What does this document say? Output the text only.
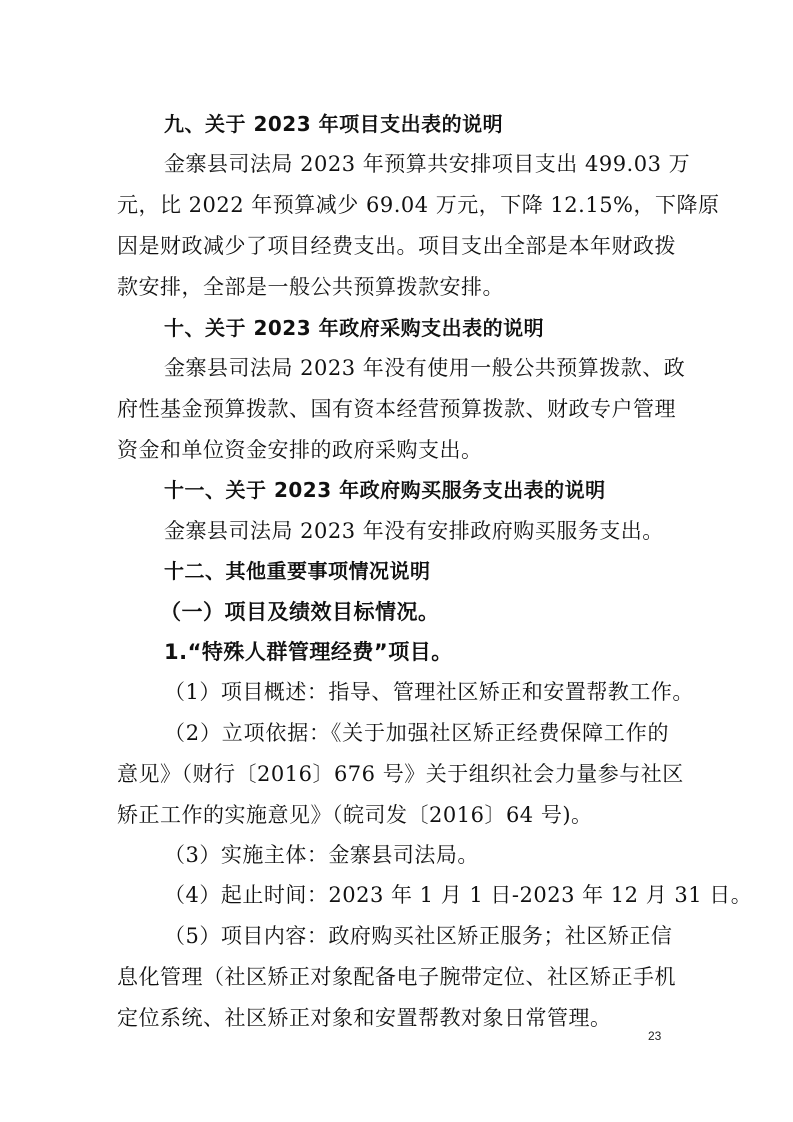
九、关于 2023 年项目支出表的说明
金寨县司法局 2023 年预算共安排项目支出 499.03 万
元，比 2022 年预算减少 69.04 万元，下降 12.15%，下降原
因是财政减少了项目经费支出。项目支出全部是本年财政拨
款安排，全部是一般公共预算拨款安排。
十、关于 2023 年政府采购支出表的说明
金寨县司法局 2023 年没有使用一般公共预算拨款、政
府性基金预算拨款、国有资本经营预算拨款、财政专户管理
资金和单位资金安排的政府采购支出。
十一、关于 2023 年政府购买服务支出表的说明
金寨县司法局 2023 年没有安排政府购买服务支出。
十二、其他重要事项情况说明
（一）项目及绩效目标情况。
1.“特殊人群管理经费”项目。
（1）项目概述：指导、管理社区矫正和安置帮教工作。
（2）立项依据：《关于加强社区矫正经费保障工作的
意见》（财行〔2016〕676 号》关于组织社会力量参与社区
矫正工作的实施意见》（皖司发〔2016〕64 号)。
（3）实施主体：金寨县司法局。
（4）起止时间：2023 年 1 月 1 日-2023 年 12 月 31 日。
（5）项目内容：政府购买社区矫正服务；社区矫正信
息化管理（社区矫正对象配备电子腕带定位、社区矫正手机
定位系统、社区矫正对象和安置帮教对象日常管理。
23
